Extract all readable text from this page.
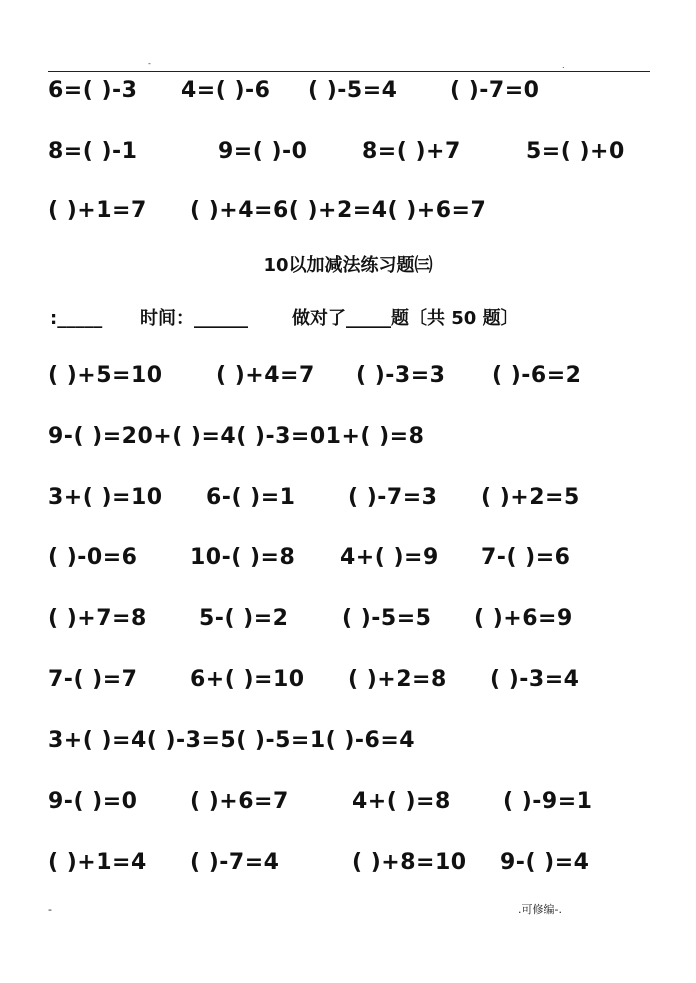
-	.
6=( )-3 4=( )-6 ( )-5=4 ( )-7=0
8=( )-1	9=( )-0 8=( )+7	5=( )+0
( )+1=7 ( )+4=6( )+2=4( )+6=7
10以加减法练习题㈢
:_____ 时间：______ 做对了_____题〔共 50 题〕
( )+5=10 ( )+4=7 ( )-3=3 ( )-6=2
9-( )=20+( )=4( )-3=01+( )=8
3+( )=10 6-( )=1 ( )-7=3 ( )+2=5
( )-0=6 10-( )=8 4+( )=9 7-( )=6
( )+7=8 5-( )=2 ( )-5=5 ( )+6=9
7-( )=7 6+( )=10 ( )+2=8 ( )-3=4
3+( )=4( )-3=5( )-5=1( )-6=4
9-( )=0 ( )+6=7	4+( )=8 ( )-9=1
( )+1=4 ( )-7=4	( )+8=10 9-( )=4
-	.可修编-.
